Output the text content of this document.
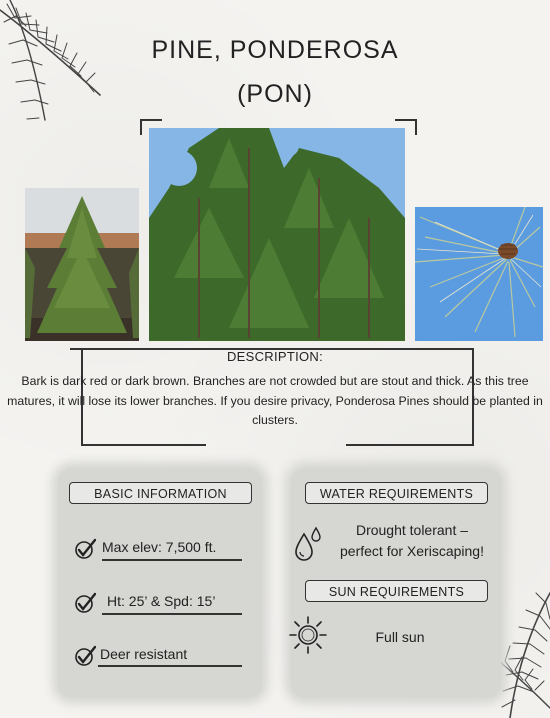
PINE, PONDEROSA
(PON)
DESCRIPTION:
Bark is dark red or dark brown. Branches are not crowded but are stout and thick. As this tree matures, it will lose its lower branches. If you desire privacy, Ponderosa Pines should be planted in clusters.
BASIC INFORMATION	WATER REQUIREMENTS
SUN REQUIREMENTS
Max elev: 7,500 ft.
Ht: 25’ & Spd: 15’
Deer resistant
Drought tolerant –
perfect for Xeriscaping!
Full sun
